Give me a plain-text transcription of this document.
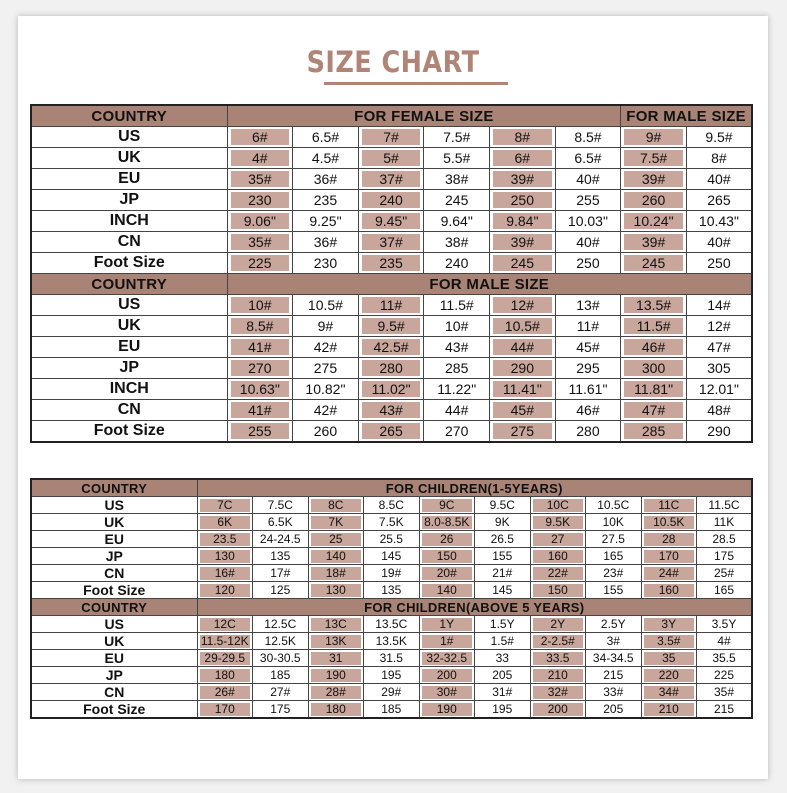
SIZE CHART
COUNTRY	FOR FEMALE SIZE						FOR MALE SIZE	
US	6#	6.5#	7#	7.5#	8#	8.5#	9#	9.5#

UK	4#	4.5#	5#	5.5#	6#	6.5#	7.5#	8#

EU	35#	36#	37#	38#	39#	40#	39#	40#

JP	230	235	240	245	250	255	260	265

INCH	9.06"	9.25"	9.45"	9.64"	9.84"	10.03"	10.24"	10.43"

CN	35#	36#	37#	38#	39#	40#	39#	40#

Foot Size	225	230	235	240	245	250	245	250

COUNTRY	FOR MALE SIZE							
US	10#	10.5#	11#	11.5#	12#	13#	13.5#	14#

UK	8.5#	9#	9.5#	10#	10.5#	11#	11.5#	12#

EU	41#	42#	42.5#	43#	44#	45#	46#	47#

JP	270	275	280	285	290	295	300	305

INCH	10.63"	10.82"	11.02"	11.22"	11.41"	11.61"	11.81"	12.01"

CN	41#	42#	43#	44#	45#	46#	47#	48#

Foot Size	255	260	265	270	275	280	285	290
COUNTRY	FOR CHILDREN(1-5YEARS)									
US	7C	7.5C	8C	8.5C	9C	9.5C	10C	10.5C	11C	11.5C

UK	6K	6.5K	7K	7.5K	8.0-8.5K	9K	9.5K	10K	10.5K	11K

EU	23.5	24-24.5	25	25.5	26	26.5	27	27.5	28	28.5

JP	130	135	140	145	150	155	160	165	170	175

CN	16#	17#	18#	19#	20#	21#	22#	23#	24#	25#

Foot Size	120	125	130	135	140	145	150	155	160	165

COUNTRY	FOR CHILDREN(ABOVE 5 YEARS)									
US	12C	12.5C	13C	13.5C	1Y	1.5Y	2Y	2.5Y	3Y	3.5Y

UK	11.5-12K	12.5K	13K	13.5K	1#	1.5#	2-2.5#	3#	3.5#	4#

EU	29-29.5	30-30.5	31	31.5	32-32.5	33	33.5	34-34.5	35	35.5

JP	180	185	190	195	200	205	210	215	220	225

CN	26#	27#	28#	29#	30#	31#	32#	33#	34#	35#

Foot Size	170	175	180	185	190	195	200	205	210	215
